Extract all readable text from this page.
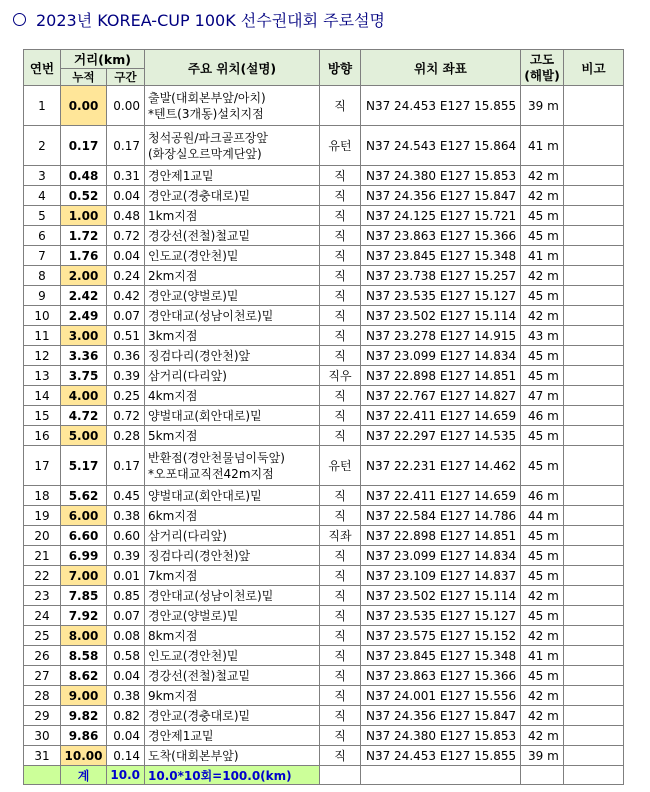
2023년 KOREA-CUP 100K 선수권대회 주로설명
연번	거리(km)		주요 위치(설명)	방향	위치 좌표	고도
(해발)	비고
	누적	구간					
1	0.00	0.00	출발(대회본부앞/아치)
*텐트(3개동)설치지점	직	N37 24.453 E127 15.855	39 m	
2	0.17	0.17	청석공원/파크골프장앞
(화장실오르막계단앞)	유턴	N37 24.543 E127 15.864	41 m	
3	0.48	0.31	경안제1교밑	직	N37 24.380 E127 15.853	42 m	
4	0.52	0.04	경안교(경충대로)밑	직	N37 24.356 E127 15.847	42 m	
5	1.00	0.48	1km지점	직	N37 24.125 E127 15.721	45 m	
6	1.72	0.72	경강선(전철)철교밑	직	N37 23.863 E127 15.366	45 m	
7	1.76	0.04	인도교(경안천)밑	직	N37 23.845 E127 15.348	41 m	
8	2.00	0.24	2km지점	직	N37 23.738 E127 15.257	42 m	
9	2.42	0.42	경안교(양벌로)밑	직	N37 23.535 E127 15.127	45 m	
10	2.49	0.07	경안대교(성남이천로)밑	직	N37 23.502 E127 15.114	42 m	
11	3.00	0.51	3km지점	직	N37 23.278 E127 14.915	43 m	
12	3.36	0.36	징검다리(경안천)앞	직	N37 23.099 E127 14.834	45 m	
13	3.75	0.39	삼거리(다리앞)	직우	N37 22.898 E127 14.851	45 m	
14	4.00	0.25	4km지점	직	N37 22.767 E127 14.827	47 m	
15	4.72	0.72	양벌대교(회안대로)밑	직	N37 22.411 E127 14.659	46 m	
16	5.00	0.28	5km지점	직	N37 22.297 E127 14.535	45 m	
17	5.17	0.17	반환점(경안천물넘이둑앞)
*오포대교직전42m지점	유턴	N37 22.231 E127 14.462	45 m	
18	5.62	0.45	양벌대교(회안대로)밑	직	N37 22.411 E127 14.659	46 m	
19	6.00	0.38	6km지점	직	N37 22.584 E127 14.786	44 m	
20	6.60	0.60	삼거리(다리앞)	직좌	N37 22.898 E127 14.851	45 m	
21	6.99	0.39	징검다리(경안천)앞	직	N37 23.099 E127 14.834	45 m	
22	7.00	0.01	7km지점	직	N37 23.109 E127 14.837	45 m	
23	7.85	0.85	경안대교(성남이천로)밑	직	N37 23.502 E127 15.114	42 m	
24	7.92	0.07	경안교(양벌로)밑	직	N37 23.535 E127 15.127	45 m	
25	8.00	0.08	8km지점	직	N37 23.575 E127 15.152	42 m	
26	8.58	0.58	인도교(경안천)밑	직	N37 23.845 E127 15.348	41 m	
27	8.62	0.04	경강선(전철)철교밑	직	N37 23.863 E127 15.366	45 m	
28	9.00	0.38	9km지점	직	N37 24.001 E127 15.556	42 m	
29	9.82	0.82	경안교(경충대로)밑	직	N37 24.356 E127 15.847	42 m	
30	9.86	0.04	경안제1교밑	직	N37 24.380 E127 15.853	42 m	
31	10.00	0.14	도착(대회본부앞)	직	N37 24.453 E127 15.855	39 m	
	계	10.0	10.0*10회=100.0(km)				
